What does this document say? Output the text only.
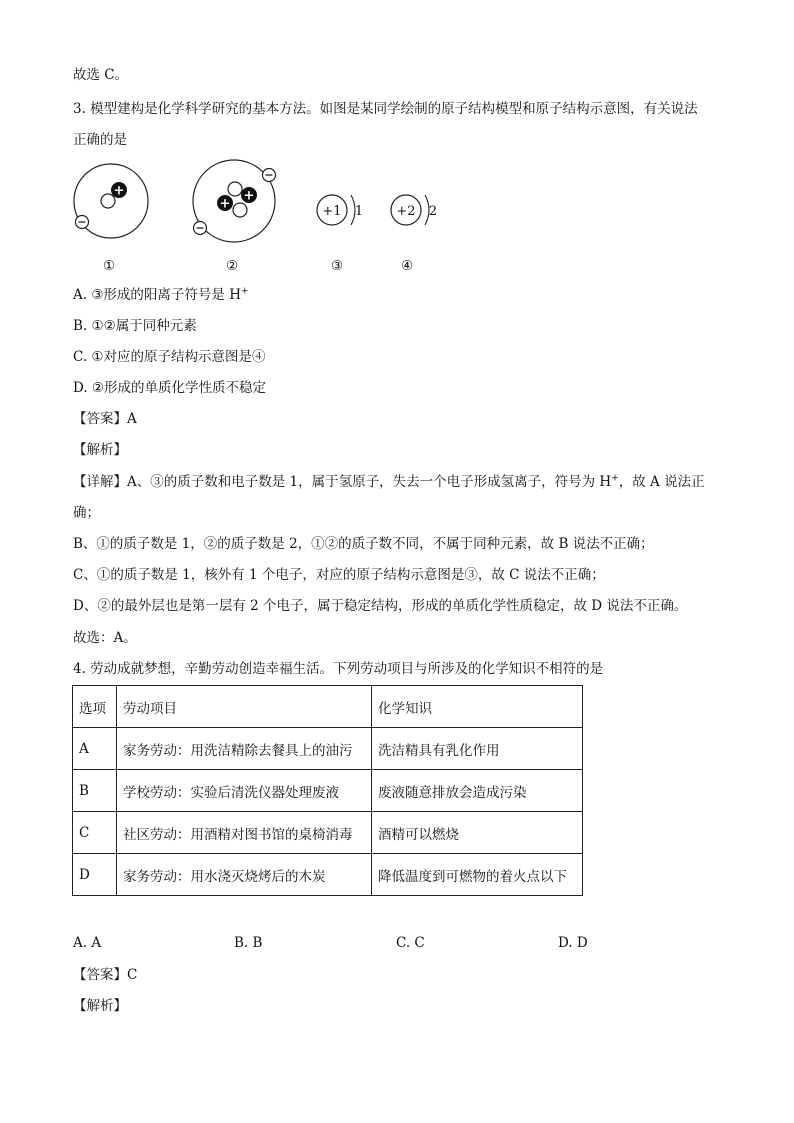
故选 C。
3. 模型建构是化学科学研究的基本方法。如图是某同学绘制的原子结构模型和原子结构示意图，有关说法
正确的是
+
+
+
+1 1	+2 2
①	②	③	④
A. ③形成的阳离子符号是 H+
B. ①②属于同种元素
C. ①对应的原子结构示意图是④
D. ②形成的单质化学性质不稳定
【答案】A
【解析】
【详解】A、③的质子数和电子数是 1，属于氢原子，失去一个电子形成氢离子，符号为 H+，故 A 说法正
确；
B、①的质子数是 1，②的质子数是 2，①②的质子数不同，不属于同种元素，故 B 说法不正确；
C、①的质子数是 1，核外有 1 个电子，对应的原子结构示意图是③，故 C 说法不正确；
D、②的最外层也是第一层有 2 个电子，属于稳定结构，形成的单质化学性质稳定，故 D 说法不正确。
故选：A。
4. 劳动成就梦想，辛勤劳动创造幸福生活。下列劳动项目与所涉及的化学知识不相符的是
选项	劳动项目	化学知识
A	家务劳动：用洗洁精除去餐具上的油污	洗洁精具有乳化作用
B	学校劳动：实验后清洗仪器处理废液	废液随意排放会造成污染
C	社区劳动：用酒精对图书馆的桌椅消毒	酒精可以燃烧
D	家务劳动：用水浇灭烧烤后的木炭	降低温度到可燃物的着火点以下
A. A	B. B	C. C	D. D
【答案】C
【解析】
